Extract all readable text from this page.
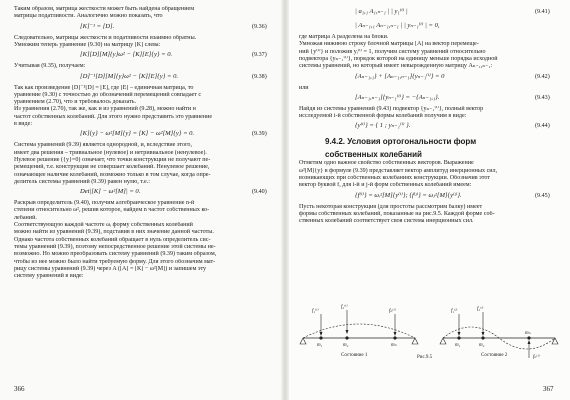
Таким образом, матрица жесткости может быть найдена обращением
матрицы податливости. Аналогично можно показать, что
[K]⁻¹ = [D].	(9.36)
Следовательно, матрицы жесткости и податливости взаимно обратны.
Умножим теперь уравнение (9.30) на матрицу [K] слева:
[K][D][M]{y}ω² − [K][E]{y} = 0.	(9.37)
Учитывая (9.35), получаем:
[D]⁻¹[D][M]{y}ω² − [K][E]{y} = 0.	(9.38)
Так как произведение [D]⁻¹[D] = [E], где [E] – единичная матрица, то
уравнение (9.30) с точностью до обозначений перемещений совпадает с
уравнением (2.70), что и требовалось доказать.
Из уравнения (2.70), так же, как и из уравнений (9.28), можно найти н
частот собственных колебаний. Для этого нужно представить это уравнение
в виде:
[K]{y} − ω²[M]{y} = [K] − ω²[M]{y} = 0.	(9.39)
Система уравнений (9.39) является однородной, и, вследствие этого,
имеет два решения – тривиальное (нулевое) и нетривиальное (ненулевое).
Нулевое решение ({y}=0) означает, что точки конструкции не получают пе-
ремещений, т.е. конструкция не совершает колебаний. Ненулевое решение,
означающее наличие колебаний, возможно только в том случае, когда опре-
делитель системы уравнений (9.39) равен нулю, т.е.:
Det|[K] − ω²[M]| = 0.	(9.40)
Раскрыв определитель (9.40), получим алгебраическое уравнение n-й
степени относительно ω², решив которое, найдем n частот собственных ко-
лебаний.
Соответствующую каждой частоте ωᵢ форму собственных колебаний
можно найти из уравнений (9.39), подставив в них значение данной частоты.
Однако частота собственных колебаний обращает в нуль определитель сис-
темы уравнений (9.39), поэтому непосредственное решение этой системы не-
возможно. Но можно преобразовать систему уравнений (9.39) таким образом,
чтобы из нее можно было найти требуемую форму. Для этого обозначим мат-
рицу системы уравнений (9.39) через A ([A] = [K] − ω²[M]) и запишем эту
систему уравнений в виде:
366
f₁⁽ⁱ⁾
f₂⁽ⁱ⁾
fₙ⁽ⁱ⁾
m₁	m₂	mₙ
f₁⁽ʲ⁾	f₂⁽ʲ⁾
fₙ⁽ʲ⁾
m₁	m₂
mₙ
Состояние 1	Состояние 2
Рис.9.5
| a₁,₁ A₁,ₙ₋₁ | | y₁⁽ⁱ⁾ |	(9.41)
| Aₙ₋₁,₁ Aₙ₋₁,ₙ₋₁ | | yₙ₋₁⁽ⁱ⁾ | = 0,
где матрица A разделена на блоки.
Умножая нижнюю строку блочной матрицы [A] на вектор перемеще-
ний {y⁽ⁱ⁾} и положив yᵢ⁽ⁱ⁾ = 1, получим систему уравнений относительно
подвектора {yₙ₋₁⁽ⁱ⁾}, порядок которой на единицу меньше порядка исходной
системы уравнений, но который имеет невырожденную матрицу Aₙ₋₁,ₙ₋₁:
{Aₙ₋₁,₁} + [Aₙ₋₁,ₙ₋₁]{yₙ₋₁⁽ⁱ⁾} = 0	(9.42)
или
[Aₙ₋₁,ₙ₋₁]{yₙ₋₁⁽ⁱ⁾} = −{Aₙ₋₁,₁}.	(9.43)
Найдя из системы уравнений (9.43) подвектор {yₙ₋₁⁽ⁱ⁾}, полный вектор
исследуемой i-й собственной формы колебаний получим в виде:
{y⁽ⁱ⁾} = { 1 ; yₙ₋₁⁽ⁱ⁾ }.	(9.44)
9.4.2. Условия ортогональности форм
собственных колебаний
Отметим одно важное свойство собственных векторов. Выражение
ω²[M]{y} в формуле (9.39) представляет вектор амплитуд инерционных сил,
возникающих при собственных колебаниях конструкции. Обозначив этот
вектор буквой f, для i-й и j-й форм собственных колебаний имеем:
{f⁽ⁱ⁾} = ωᵢ²[M]{y⁽ⁱ⁾}; {f⁽ʲ⁾} = ωⱼ²[M]{y⁽ʲ⁾}.	(9.45)
Пусть некоторая конструкция (для простоты рассмотрим балку) имеет
формы собственных колебаний, показанные на рис.9.5. Каждой форме соб-
ственных колебаний соответствует своя система инерционных сил.
367
